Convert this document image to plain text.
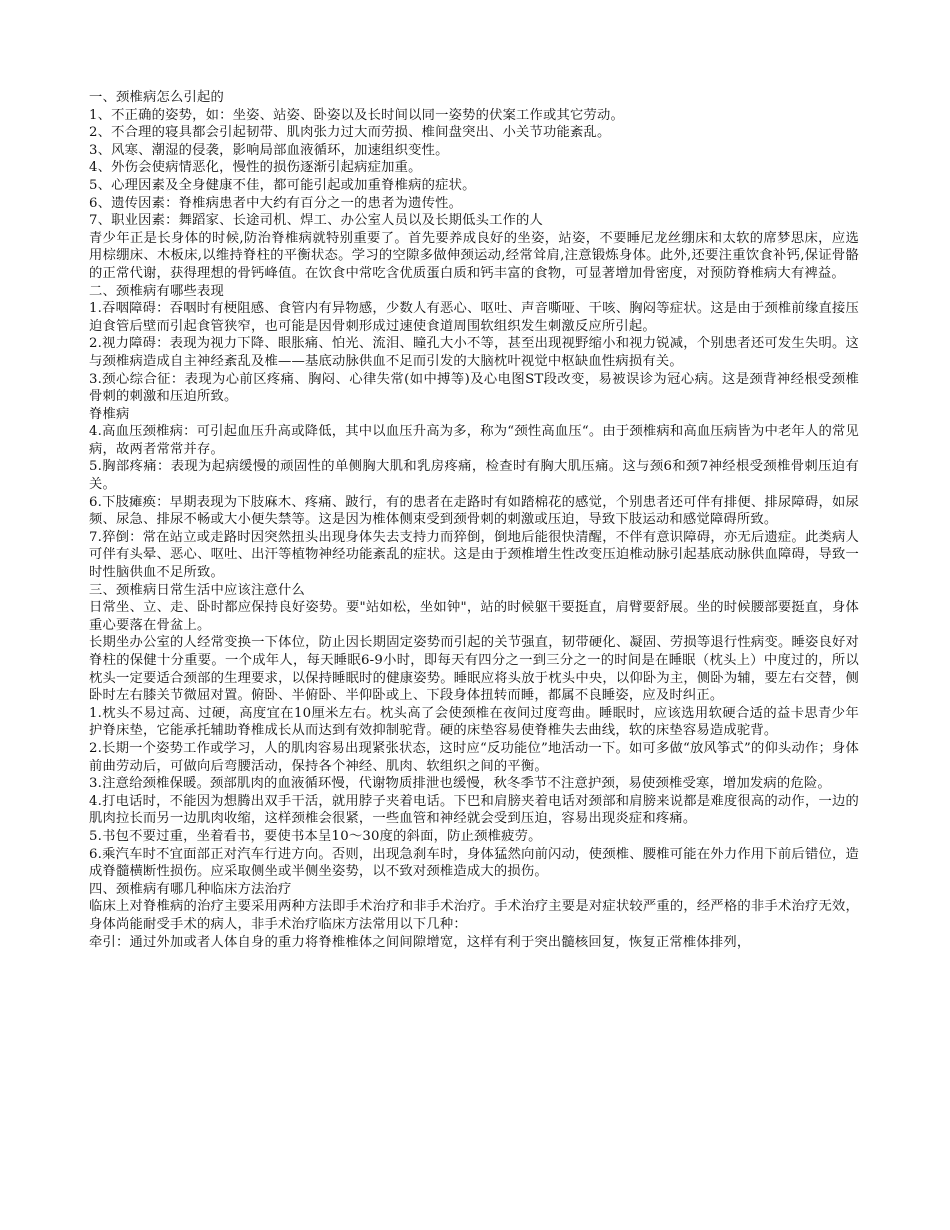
一、颈椎病怎么引起的

1、不正确的姿势，如：坐姿、站姿、卧姿以及长时间以同一姿势的伏案工作或其它劳动。

2、不合理的寝具都会引起韧带、肌肉张力过大而劳损、椎间盘突出、小关节功能紊乱。

3、风寒、潮湿的侵袭，影响局部血液循环，加速组织变性。

4、外伤会使病情恶化，慢性的损伤逐渐引起病症加重。

5、心理因素及全身健康不佳，都可能引起或加重脊椎病的症状。

6、遗传因素：脊椎病患者中大约有百分之一的患者为遗传性。

7、职业因素：舞蹈家、长途司机、焊工、办公室人员以及长期低头工作的人

青少年正是长身体的时候,防治脊椎病就特别重要了。首先要养成良好的坐姿，站姿，不要睡尼龙丝绷床和太软的席梦思床，应选用棕绷床、木板床,以维持脊柱的平衡状态。学习的空隙多做伸颈运动,经常耸肩,注意锻炼身体。此外,还要注重饮食补钙,保证骨骼的正常代谢，获得理想的骨钙峰值。在饮食中常吃含优质蛋白质和钙丰富的食物，可显著增加骨密度，对预防脊椎病大有裨益。

二、颈椎病有哪些表现

1.吞咽障碍：吞咽时有梗阻感、食管内有异物感，少数人有恶心、呕吐、声音嘶哑、干咳、胸闷等症状。这是由于颈椎前缘直接压迫食管后壁而引起食管狭窄，也可能是因骨刺形成过速使食道周围软组织发生刺激反应所引起。

2.视力障碍：表现为视力下降、眼胀痛、怕光、流泪、瞳孔大小不等，甚至出现视野缩小和视力锐减，个别患者还可发生失明。这与颈椎病造成自主神经紊乱及椎——基底动脉供血不足而引发的大脑枕叶视觉中枢缺血性病损有关。

3.颈心综合征：表现为心前区疼痛、胸闷、心律失常(如中搏等)及心电图ST段改变，易被误诊为冠心病。这是颈背神经根受颈椎骨刺的刺激和压迫所致。

脊椎病

4.高血压颈椎病：可引起血压升高或降低，其中以血压升高为多，称为“颈性高血压“。由于颈椎病和高血压病皆为中老年人的常见病，故两者常常并存。

5.胸部疼痛：表现为起病缓慢的顽固性的单侧胸大肌和乳房疼痛，检查时有胸大肌压痛。这与颈6和颈7神经根受颈椎骨刺压迫有关。

6.下肢瘫痪：早期表现为下肢麻木、疼痛、跛行，有的患者在走路时有如踏棉花的感觉，个别患者还可伴有排便、排尿障碍，如尿频、尿急、排尿不畅或大小便失禁等。这是因为椎体侧束受到颈骨刺的刺激或压迫，导致下肢运动和感觉障碍所致。

7.猝倒：常在站立或走路时因突然扭头出现身体失去支持力而猝倒，倒地后能很快清醒，不伴有意识障碍，亦无后遗症。此类病人可伴有头晕、恶心、呕吐、出汗等植物神经功能紊乱的症状。这是由于颈椎增生性改变压迫椎动脉引起基底动脉供血障碍，导致一时性脑供血不足所致。

三、颈椎病日常生活中应该注意什么

日常坐、立、走、卧时都应保持良好姿势。要"站如松，坐如钟"，站的时候躯干要挺直，肩臂要舒展。坐的时候腰部要挺直，身体重心要落在骨盆上。

长期坐办公室的人经常变换一下体位，防止因长期固定姿势而引起的关节强直，韧带硬化、凝固、劳损等退行性病变。睡姿良好对脊柱的保健十分重要。一个成年人，每天睡眠6-9小时，即每天有四分之一到三分之一的时间是在睡眠（枕头上）中度过的，所以枕头一定要适合颈部的生理要求，以保持睡眠时的健康姿势。睡眠应将头放于枕头中央，以仰卧为主，侧卧为辅，要左右交替，侧卧时左右膝关节微屈对置。俯卧、半俯卧、半仰卧或上、下段身体扭转而睡，都属不良睡姿，应及时纠正。

1.枕头不易过高、过硬，高度宜在10厘米左右。枕头高了会使颈椎在夜间过度弯曲。睡眠时，应该选用软硬合适的益卡思青少年护脊床垫，它能承托辅助脊椎成长从而达到有效抑制驼背。硬的床垫容易使脊椎失去曲线，软的床垫容易造成驼背。

2.长期一个姿势工作或学习，人的肌肉容易出现紧张状态，这时应“反功能位”地活动一下。如可多做“放风筝式”的仰头动作；身体前曲劳动后，可做向后弯腰活动，保持各个神经、肌肉、软组织之间的平衡。

3.注意给颈椎保暖。颈部肌肉的血液循环慢，代谢物质排泄也缓慢，秋冬季节不注意护颈，易使颈椎受寒，增加发病的危险。

4.打电话时，不能因为想腾出双手干活，就用脖子夹着电话。下巴和肩膀夹着电话对颈部和肩膀来说都是难度很高的动作，一边的肌肉拉长而另一边肌肉收缩，这样颈椎会很紧，一些血管和神经就会受到压迫，容易出现炎症和疼痛。

5.书包不要过重，坐着看书，要使书本呈10～30度的斜面，防止颈椎疲劳。

6.乘汽车时不宜面部正对汽车行进方向。否则，出现急刹车时，身体猛然向前闪动，使颈椎、腰椎可能在外力作用下前后错位，造成脊髓横断性损伤。应采取侧坐或半侧坐姿势，以不致对颈椎造成大的损伤。

四、颈椎病有哪几种临床方法治疗

临床上对脊椎病的治疗主要采用两种方法即手术治疗和非手术治疗。手术治疗主要是对症状较严重的，经严格的非手术治疗无效，身体尚能耐受手术的病人，非手术治疗临床方法常用以下几种：

牵引：通过外加或者人体自身的重力将脊椎椎体之间间隙增宽，这样有利于突出髓核回复，恢复正常椎体排列，
